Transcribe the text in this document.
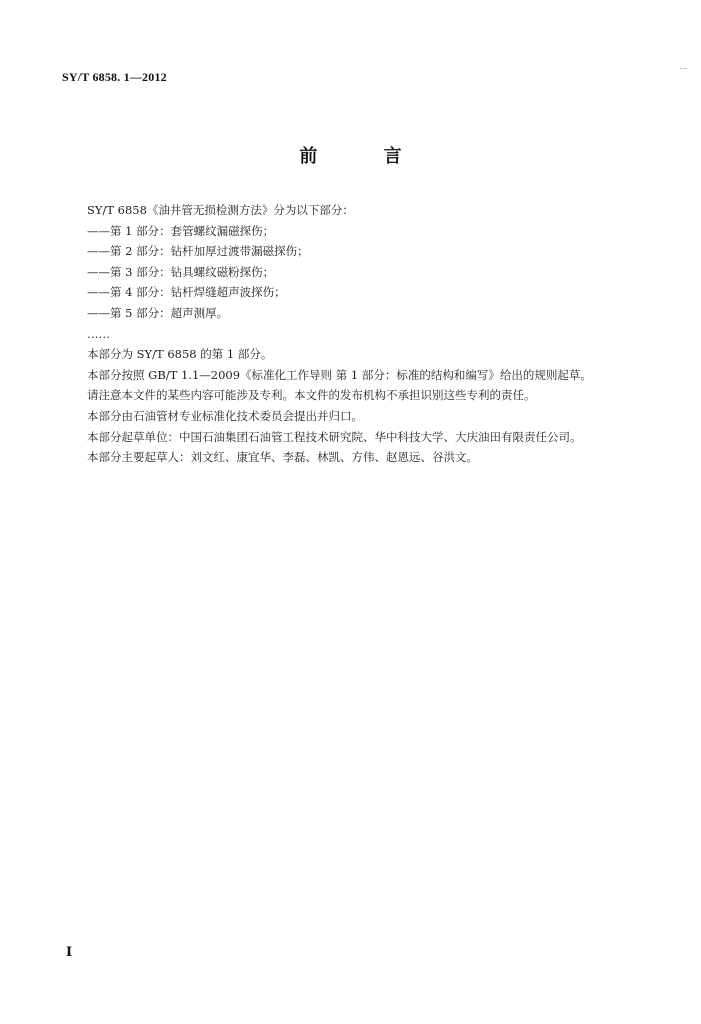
SY/T 6858. 1—2012
...
前 言

SY/T 6858《油井管无损检测方法》分为以下部分：

——第 1 部分：套管螺纹漏磁探伤；

——第 2 部分：钻杆加厚过渡带漏磁探伤；

——第 3 部分：钻具螺纹磁粉探伤；

——第 4 部分：钻杆焊缝超声波探伤；

——第 5 部分：超声测厚。

……

本部分为 SY/T 6858 的第 1 部分。

本部分按照 GB/T 1.1—2009《标准化工作导则 第 1 部分：标准的结构和编写》给出的规则起草。

请注意本文件的某些内容可能涉及专利。本文件的发布机构不承担识别这些专利的责任。

本部分由石油管材专业标准化技术委员会提出并归口。

本部分起草单位：中国石油集团石油管工程技术研究院、华中科技大学、大庆油田有限责任公司。

本部分主要起草人：刘文红、康宜华、李磊、林凯、方伟、赵恩远、谷洪文。

Ⅰ
